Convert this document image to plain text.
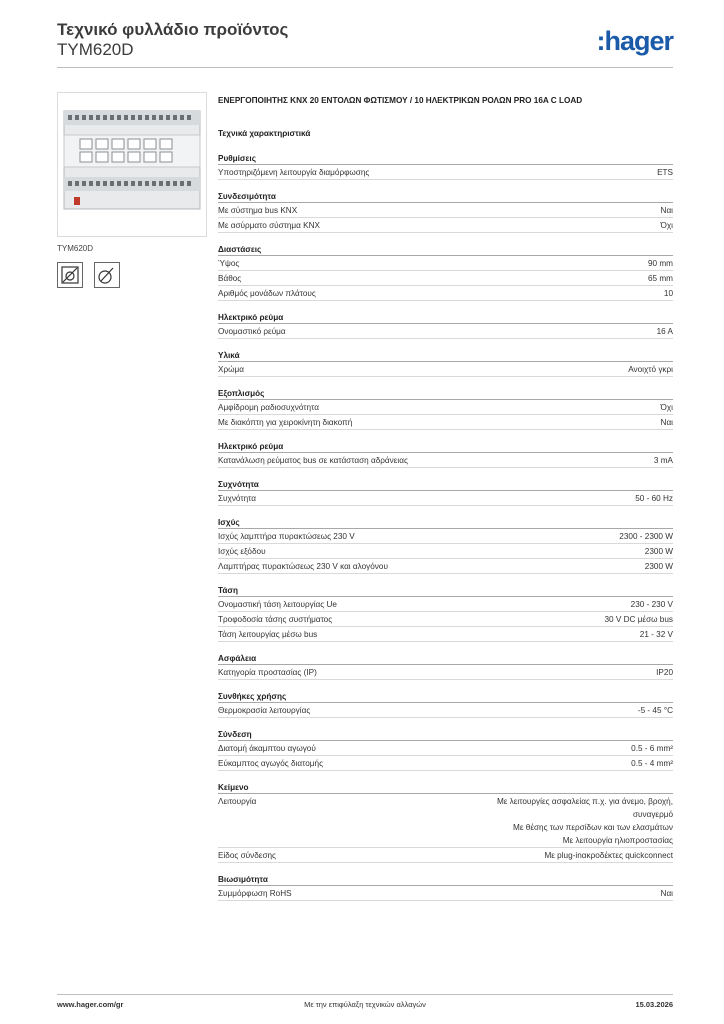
Τεχνικό φυλλάδιο προϊόντος
TYM620D	:hager
TYM620D
ΕΝΕΡΓΟΠΟΙΗΤΗΣ KNX 20 ΕΝΤΟΛΩΝ ΦΩΤΙΣΜΟΥ / 10 ΗΛΕΚΤΡΙΚΩΝ ΡΟΛΩΝ PRO 16A C LOAD
Τεχνικά χαρακτηριστικά
Ρυθμίσεις
Υποστηριζόμενη λειτουργία διαμόρφωσης	ETS
Συνδεσιμότητα
Με σύστημα bus KNX	Ναι
Με ασύρματο σύστημα KNX	Όχι
Διαστάσεις
Ύψος	90 mm
Βάθος	65 mm
Αριθμός μονάδων πλάτους	10
Ηλεκτρικό ρεύμα
Ονομαστικό ρεύμα	16 A
Υλικά
Χρώμα	Ανοιχτό γκρι
Εξοπλισμός
Αμφίδρομη ραδιοσυχνότητα	Όχι
Με διακόπτη για χειροκίνητη διακοπή	Ναι
Ηλεκτρικό ρεύμα
Κατανάλωση ρεύματος bus σε κατάσταση αδράνειας	3 mA
Συχνότητα
Συχνότητα	50 - 60 Hz
Ισχύς
Ισχύς λαμπτήρα πυρακτώσεως 230 V	2300 - 2300 W
Ισχύς εξόδου	2300 W
Λαμπτήρας πυρακτώσεως 230 V και αλογόνου	2300 W
Τάση
Ονομαστική τάση λειτουργίας Ue	230 - 230 V
Τροφοδοσία τάσης συστήματος	30 V DC μέσω bus
Τάση λειτουργίας μέσω bus	21 - 32 V
Ασφάλεια
Κατηγορία προστασίας (IP)	IP20
Συνθήκες χρήσης
Θερμοκρασία λειτουργίας	-5 - 45 °C
Σύνδεση
Διατομή άκαμπτου αγωγού	0.5 - 6 mm²
Εύκαμπτος αγωγός διατομής	0.5 - 4 mm²
Κείμενο
Λειτουργία	Με λειτουργίες ασφαλείας π.χ. για άνεμο, βροχή,
συναγερμό
Με θέσης των περσίδων και των ελασμάτων
Με λειτουργία ηλιοπροστασίας
Είδος σύνδεσης	Με plug-inακροδέκτες quickconnect
Βιωσιμότητα
Συμμόρφωση RoHS	Ναι
www.hager.com/gr	Με την επιφύλαξη τεχνικών αλλαγών	15.03.2026
